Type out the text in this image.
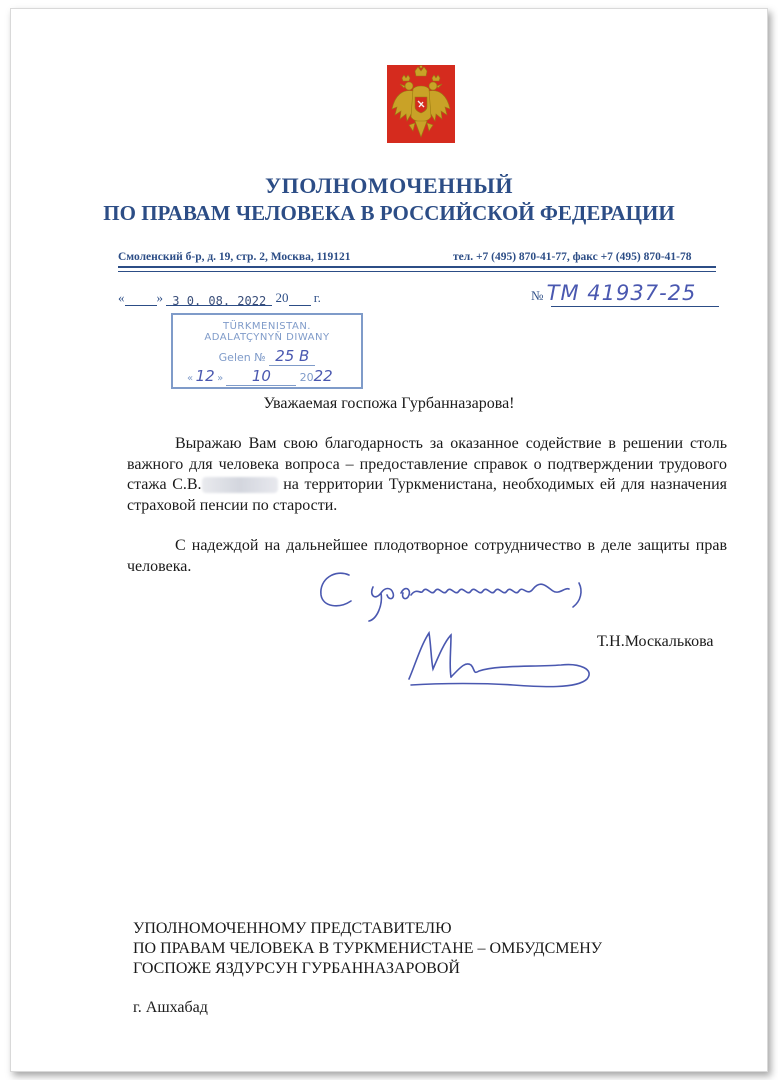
УПОЛНОМОЧЕННЫЙ
ПО ПРАВАМ ЧЕЛОВЕКА В РОССИЙСКОЙ ФЕДЕРАЦИИ
Смоленский б-р, д. 19, стр. 2, Москва, 119121	тел. +7 (495) 870-41-77, факс +7 (495) 870-41-78
« » 3 0. 08. 2022 20 г.	№ ТМ 41937-25
TÜRKMENISTAN.
ADALATÇYNYŇ DIWANY
Gelen № 25 B
« 12 » 10	2022
Уважаемая госпожа Гурбанназарова!
Выражаю Вам свою благодарность за оказанное содействие в решении столь важного для человека вопроса – предоставление справок о подтверждении трудового стажа С.В.	на территории Туркменистана, необходимых ей для назначения страховой пенсии по старости.
С надеждой на дальнейшее плодотворное сотрудничество в деле защиты прав человека.
Т.Н.Москалькова
УПОЛНОМОЧЕННОМУ ПРЕДСТАВИТЕЛЮ
ПО ПРАВАМ ЧЕЛОВЕКА В ТУРКМЕНИСТАНЕ – ОМБУДСМЕНУ
ГОСПОЖЕ ЯЗДУРСУН ГУРБАННАЗАРОВОЙ
г. Ашхабад
